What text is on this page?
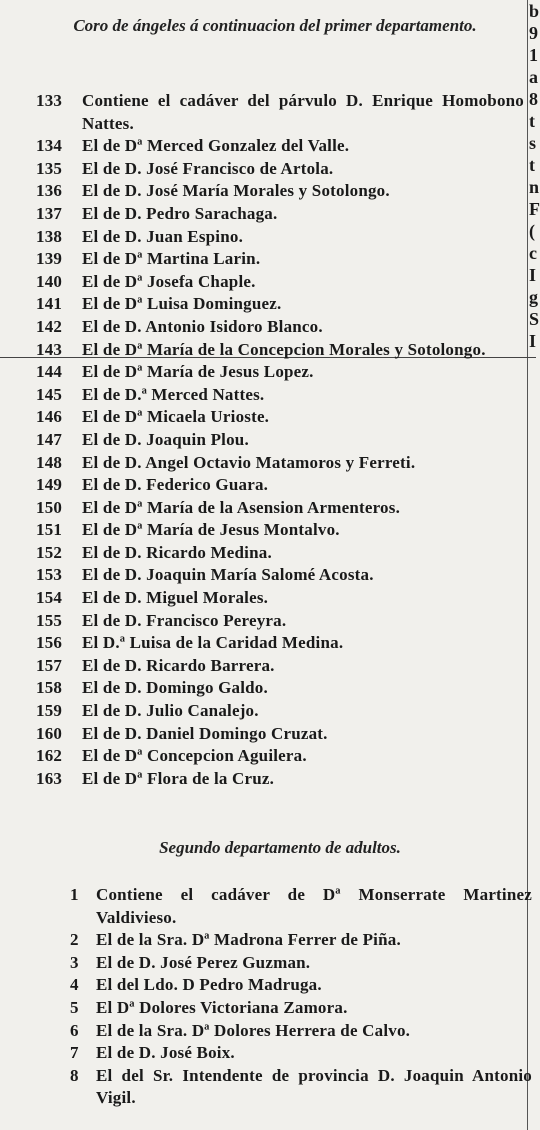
b
9
1
a
8
t
s
t
n
F
(
c
I
g
S
I
Coro de ángeles á continuacion del primer departamento.
133	Contiene el cadáver del párvulo D. Enrique Homobono Nattes.
134	El de Dª Merced Gonzalez del Valle.
135	El de D. José Francisco de Artola.
136	El de D. José María Morales y Sotolongo.
137	El de D. Pedro Sarachaga.
138	El de D. Juan Espino.
139	El de Dª Martina Larin.
140	El de Dª Josefa Chaple.
141	El de Dª Luisa Dominguez.
142	El de D. Antonio Isidoro Blanco.
143	El de Dª María de la Concepcion Morales y Sotolongo.
144	El de Dª María de Jesus Lopez.
145	El de D.ª Merced Nattes.
146	El de Dª Micaela Urioste.
147	El de D. Joaquin Plou.
148	El de D. Angel Octavio Matamoros y Ferreti.
149	El de D. Federico Guara.
150	El de Dª María de la Asension Armenteros.
151	El de Dª María de Jesus Montalvo.
152	El de D. Ricardo Medina.
153	El de D. Joaquin María Salomé Acosta.
154	El de D. Miguel Morales.
155	El de D. Francisco Pereyra.
156	El D.ª Luisa de la Caridad Medina.
157	El de D. Ricardo Barrera.
158	El de D. Domingo Galdo.
159	El de D. Julio Canalejo.
160	El de D. Daniel Domingo Cruzat.
162	El de Dª Concepcion Aguilera.
163	El de Dª Flora de la Cruz.
Segundo departamento de adultos.
1	Contiene el cadáver de Dª Monserrate Martinez Valdivieso.
2	El de la Sra. Dª Madrona Ferrer de Piña.
3	El de D. José Perez Guzman.
4	El del Ldo. D Pedro Madruga.
5	El Dª Dolores Victoriana Zamora.
6	El de la Sra. Dª Dolores Herrera de Calvo.
7	El de D. José Boix.
8	El del Sr. Intendente de provincia D. Joaquin Antonio Vigil.
